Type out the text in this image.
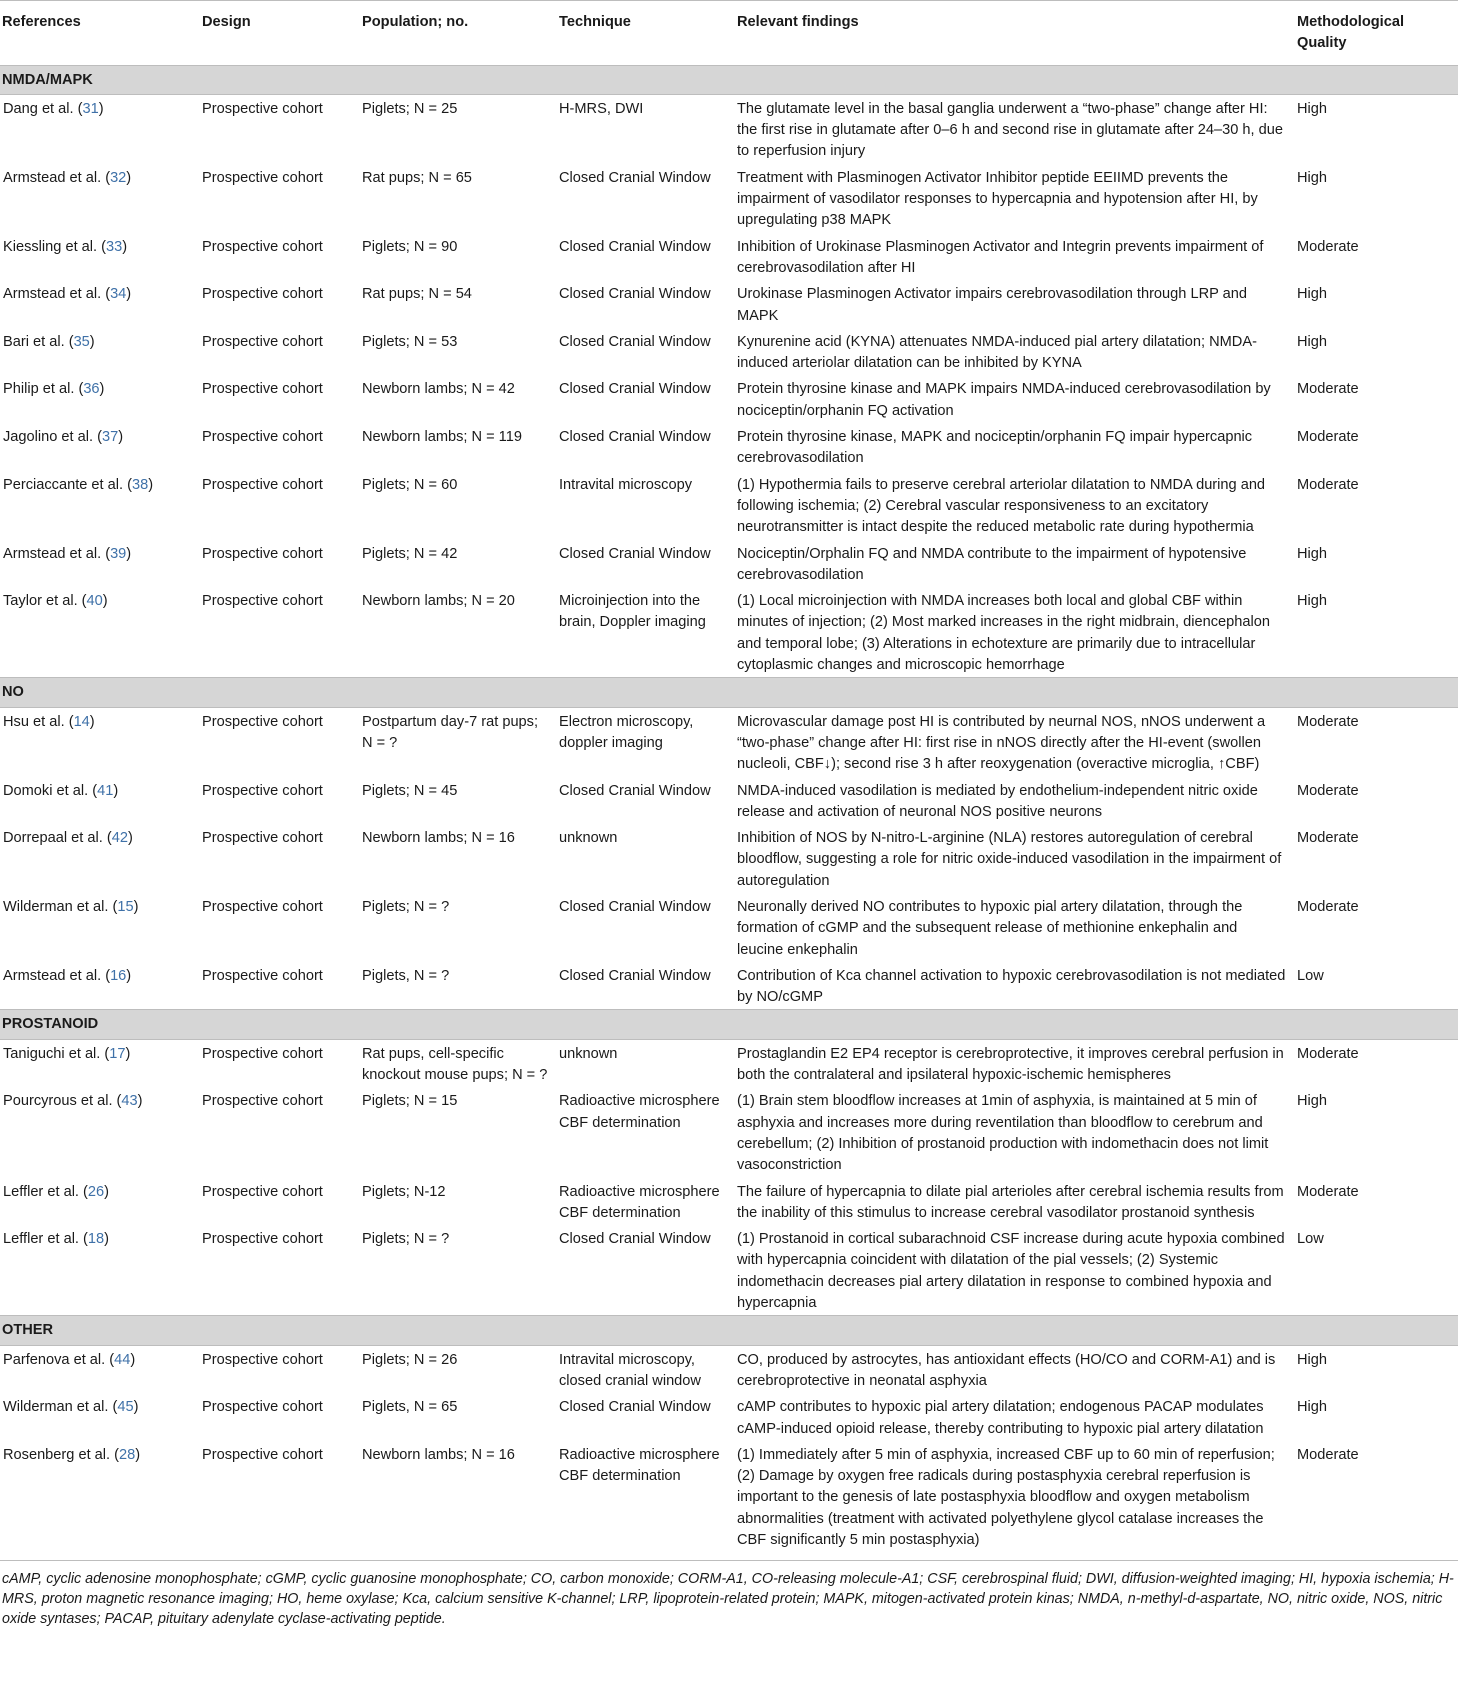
References	Design	Population; no.	Technique	Relevant findings	Methodological Quality
NMDA/MAPK					
Dang et al. (31)	Prospective cohort	Piglets; N = 25	H-MRS, DWI	The glutamate level in the basal ganglia underwent a “two-phase” change after HI: the first rise in glutamate after 0–6 h and second rise in glutamate after 24–30 h, due to reperfusion injury	High
Armstead et al. (32)	Prospective cohort	Rat pups; N = 65	Closed Cranial Window	Treatment with Plasminogen Activator Inhibitor peptide EEIIMD prevents the impairment of vasodilator responses to hypercapnia and hypotension after HI, by upregulating p38 MAPK	High
Kiessling et al. (33)	Prospective cohort	Piglets; N = 90	Closed Cranial Window	Inhibition of Urokinase Plasminogen Activator and Integrin prevents impairment of cerebrovasodilation after HI	Moderate
Armstead et al. (34)	Prospective cohort	Rat pups; N = 54	Closed Cranial Window	Urokinase Plasminogen Activator impairs cerebrovasodilation through LRP and MAPK	High
Bari et al. (35)	Prospective cohort	Piglets; N = 53	Closed Cranial Window	Kynurenine acid (KYNA) attenuates NMDA-induced pial artery dilatation; NMDA-induced arteriolar dilatation can be inhibited by KYNA	High
Philip et al. (36)	Prospective cohort	Newborn lambs; N = 42	Closed Cranial Window	Protein thyrosine kinase and MAPK impairs NMDA-induced cerebrovasodilation by nociceptin/orphanin FQ activation	Moderate
Jagolino et al. (37)	Prospective cohort	Newborn lambs; N = 119	Closed Cranial Window	Protein thyrosine kinase, MAPK and nociceptin/orphanin FQ impair hypercapnic cerebrovasodilation	Moderate
Perciaccante et al. (38)	Prospective cohort	Piglets; N = 60	Intravital microscopy	(1) Hypothermia fails to preserve cerebral arteriolar dilatation to NMDA during and following ischemia; (2) Cerebral vascular responsiveness to an excitatory neurotransmitter is intact despite the reduced metabolic rate during hypothermia	Moderate
Armstead et al. (39)	Prospective cohort	Piglets; N = 42	Closed Cranial Window	Nociceptin/Orphalin FQ and NMDA contribute to the impairment of hypotensive cerebrovasodilation	High
Taylor et al. (40)	Prospective cohort	Newborn lambs; N = 20	Microinjection into the brain, Doppler imaging	(1) Local microinjection with NMDA increases both local and global CBF within minutes of injection; (2) Most marked increases in the right midbrain, diencephalon and temporal lobe; (3) Alterations in echotexture are primarily due to intracellular cytoplasmic changes and microscopic hemorrhage	High
NO					
Hsu et al. (14)	Prospective cohort	Postpartum day-7 rat pups; N = ?	Electron microscopy, doppler imaging	Microvascular damage post HI is contributed by neurnal NOS, nNOS underwent a “two-phase” change after HI: first rise in nNOS directly after the HI-event (swollen nucleoli, CBF↓); second rise 3 h after reoxygenation (overactive microglia, ↑CBF)	Moderate
Domoki et al. (41)	Prospective cohort	Piglets; N = 45	Closed Cranial Window	NMDA-induced vasodilation is mediated by endothelium-independent nitric oxide release and activation of neuronal NOS positive neurons	Moderate
Dorrepaal et al. (42)	Prospective cohort	Newborn lambs; N = 16	unknown	Inhibition of NOS by N-nitro-L-arginine (NLA) restores autoregulation of cerebral bloodflow, suggesting a role for nitric oxide-induced vasodilation in the impairment of autoregulation	Moderate
Wilderman et al. (15)	Prospective cohort	Piglets; N = ?	Closed Cranial Window	Neuronally derived NO contributes to hypoxic pial artery dilatation, through the formation of cGMP and the subsequent release of methionine enkephalin and leucine enkephalin	Moderate
Armstead et al. (16)	Prospective cohort	Piglets, N = ?	Closed Cranial Window	Contribution of Kca channel activation to hypoxic cerebrovasodilation is not mediated by NO/cGMP	Low
PROSTANOID					
Taniguchi et al. (17)	Prospective cohort	Rat pups, cell-specific knockout mouse pups; N = ?	unknown	Prostaglandin E2 EP4 receptor is cerebroprotective, it improves cerebral perfusion in both the contralateral and ipsilateral hypoxic-ischemic hemispheres	Moderate
Pourcyrous et al. (43)	Prospective cohort	Piglets; N = 15	Radioactive microsphere CBF determination	(1) Brain stem bloodflow increases at 1min of asphyxia, is maintained at 5 min of asphyxia and increases more during reventilation than bloodflow to cerebrum and cerebellum; (2) Inhibition of prostanoid production with indomethacin does not limit vasoconstriction	High
Leffler et al. (26)	Prospective cohort	Piglets; N-12	Radioactive microsphere CBF determination	The failure of hypercapnia to dilate pial arterioles after cerebral ischemia results from the inability of this stimulus to increase cerebral vasodilator prostanoid synthesis	Moderate
Leffler et al. (18)	Prospective cohort	Piglets; N = ?	Closed Cranial Window	(1) Prostanoid in cortical subarachnoid CSF increase during acute hypoxia combined with hypercapnia coincident with dilatation of the pial vessels; (2) Systemic indomethacin decreases pial artery dilatation in response to combined hypoxia and hypercapnia	Low
OTHER					
Parfenova et al. (44)	Prospective cohort	Piglets; N = 26	Intravital microscopy, closed cranial window	CO, produced by astrocytes, has antioxidant effects (HO/CO and CORM-A1) and is cerebroprotective in neonatal asphyxia	High
Wilderman et al. (45)	Prospective cohort	Piglets, N = 65	Closed Cranial Window	cAMP contributes to hypoxic pial artery dilatation; endogenous PACAP modulates cAMP-induced opioid release, thereby contributing to hypoxic pial artery dilatation	High
Rosenberg et al. (28)	Prospective cohort	Newborn lambs; N = 16	Radioactive microsphere CBF determination	(1) Immediately after 5 min of asphyxia, increased CBF up to 60 min of reperfusion; (2) Damage by oxygen free radicals during postasphyxia cerebral reperfusion is important to the genesis of late postasphyxia bloodflow and oxygen metabolism abnormalities (treatment with activated polyethylene glycol catalase increases the CBF significantly 5 min postasphyxia)	Moderate
cAMP, cyclic adenosine monophosphate; cGMP, cyclic guanosine monophosphate; CO, carbon monoxide; CORM-A1, CO-releasing molecule-A1; CSF, cerebrospinal fluid; DWI, diffusion-weighted imaging; HI, hypoxia ischemia; H-MRS, proton magnetic resonance imaging; HO, heme oxylase; Kca, calcium sensitive K-channel; LRP, lipoprotein-related protein; MAPK, mitogen-activated protein kinas; NMDA, n-methyl-d-aspartate, NO, nitric oxide, NOS, nitric oxide syntases; PACAP, pituitary adenylate cyclase-activating peptide.
